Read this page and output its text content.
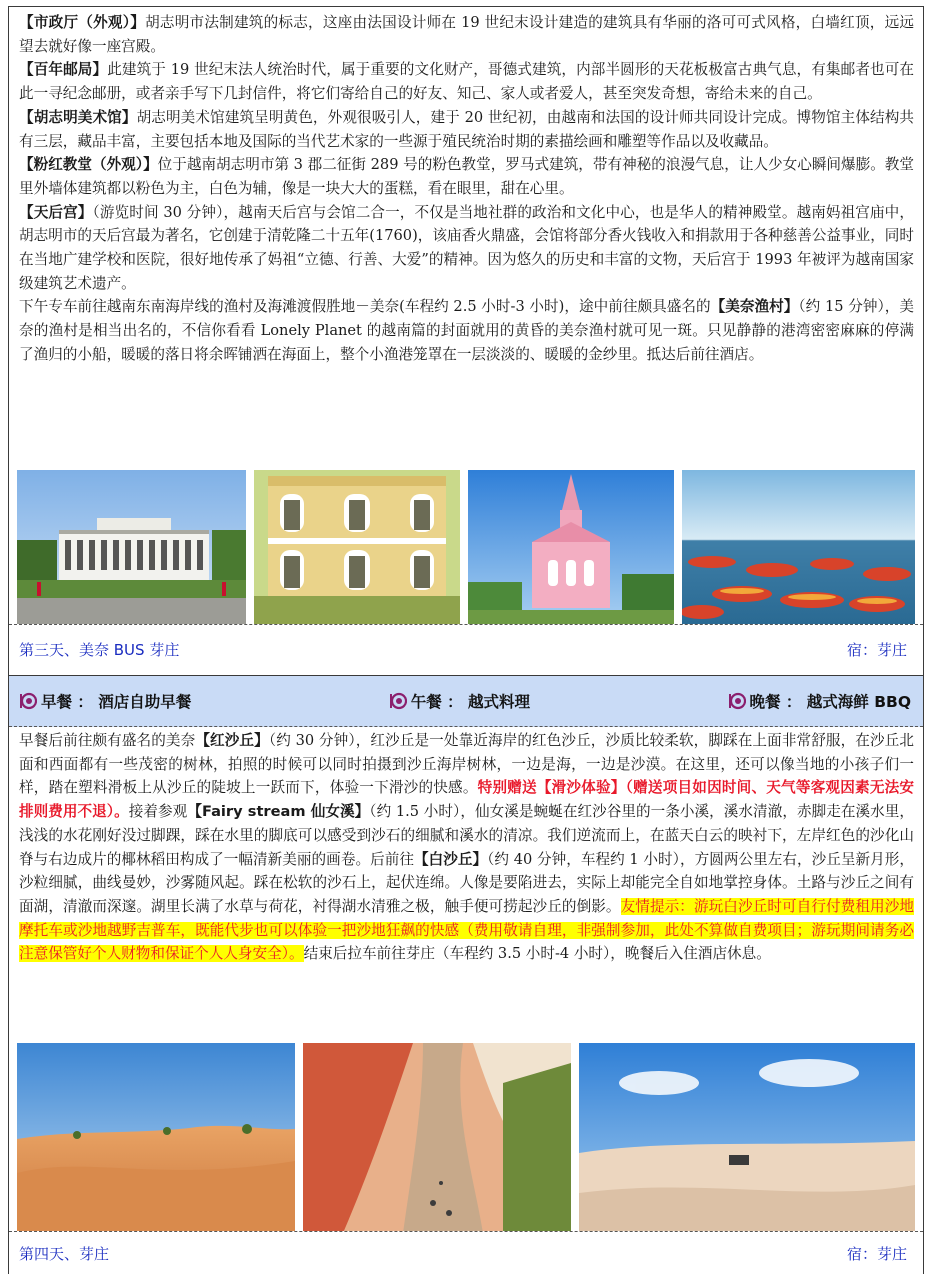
【市政厅（外观）】胡志明市法制建筑的标志，这座由法国设计师在 19 世纪末设计建造的建筑具有华丽的洛可可式风格，白墙红顶，远远望去就好像一座宫殿。

【百年邮局】此建筑于 19 世纪末法人统治时代，属于重要的文化财产，哥德式建筑，内部半圆形的天花板极富古典气息，有集邮者也可在此一寻纪念邮册，或者亲手写下几封信件，将它们寄给自己的好友、知己、家人或者爱人，甚至突发奇想，寄给未来的自己。

【胡志明美术馆】胡志明美术馆建筑呈明黄色，外观很吸引人，建于 20 世纪初，由越南和法国的设计师共同设计完成。博物馆主体结构共有三层，藏品丰富，主要包括本地及国际的当代艺术家的一些源于殖民统治时期的素描绘画和雕塑等作品以及收藏品。

【粉红教堂（外观）】位于越南胡志明市第 3 郡二征街 289 号的粉色教堂，罗马式建筑，带有神秘的浪漫气息，让人少女心瞬间爆膨。教堂里外墙体建筑都以粉色为主，白色为辅，像是一块大大的蛋糕，看在眼里，甜在心里。

【天后宫】（游览时间 30 分钟），越南天后宫与会馆二合一，不仅是当地社群的政治和文化中心，也是华人的精神殿堂。越南妈祖宫庙中，胡志明市的天后宫最为著名，它创建于清乾隆二十五年(1760)，该庙香火鼎盛，会馆将部分香火钱收入和捐款用于各种慈善公益事业，同时在当地广建学校和医院，很好地传承了妈祖“立德、行善、大爱”的精神。因为悠久的历史和丰富的文物，天后宫于 1993 年被评为越南国家级建筑艺术遗产。

下午专车前往越南东南海岸线的渔村及海滩渡假胜地－美奈(车程约 2.5 小时-3 小时)，途中前往颇具盛名的【美奈渔村】（约 15 分钟），美奈的渔村是相当出名的，不信你看看 Lonely Planet 的越南篇的封面就用的黄昏的美奈渔村就可见一斑。只见静静的港湾密密麻麻的停满了渔归的小船，暖暖的落日将余晖铺洒在海面上，整个小渔港笼罩在一层淡淡的、暖暖的金纱里。抵达后前往酒店。

第三天、美奈 BUS 芽庄	宿：芽庄
早餐 ： 酒店自助早餐	午餐 ： 越式料理	晚餐 ： 越式海鲜 BBQ

早餐后前往颇有盛名的美奈【红沙丘】（约 30 分钟），红沙丘是一处靠近海岸的红色沙丘，沙质比较柔软，脚踩在上面非常舒服，在沙丘北面和西面都有一些茂密的树林，拍照的时候可以同时拍摄到沙丘海岸树林，一边是海，一边是沙漠。在这里，还可以像当地的小孩子们一样，踏在塑料滑板上从沙丘的陡坡上一跃而下，体验一下滑沙的快感。特别赠送【滑沙体验】（赠送项目如因时间、天气等客观因素无法安排则费用不退）。接着参观【Fairy stream 仙女溪】（约 1.5 小时），仙女溪是蜿蜒在红沙谷里的一条小溪，溪水清澈，赤脚走在溪水里，浅浅的水花刚好没过脚踝，踩在水里的脚底可以感受到沙石的细腻和溪水的清凉。我们逆流而上，在蓝天白云的映衬下，左岸红色的沙化山脊与右边成片的椰林稻田构成了一幅清新美丽的画卷。后前往【白沙丘】（约 40 分钟，车程约 1 小时），方圆两公里左右，沙丘呈新月形，沙粒细腻，曲线曼妙，沙雾随风起。踩在松软的沙石上，起伏连绵。人像是要陷进去，实际上却能完全自如地掌控身体。土路与沙丘之间有面湖，清澈而深邃。湖里长满了水草与荷花，衬得湖水清雅之极，触手便可捞起沙丘的倒影。友情提示：游玩白沙丘时可自行付费租用沙地摩托车或沙地越野吉普车，既能代步也可以体验一把沙地狂飙的快感（费用敬请自理，非强制参加，此处不算做自费项目；游玩期间请务必注意保管好个人财物和保证个人人身安全）。结束后拉车前往芽庄（车程约 3.5 小时-4 小时），晚餐后入住酒店休息。

第四天、芽庄	宿：芽庄
